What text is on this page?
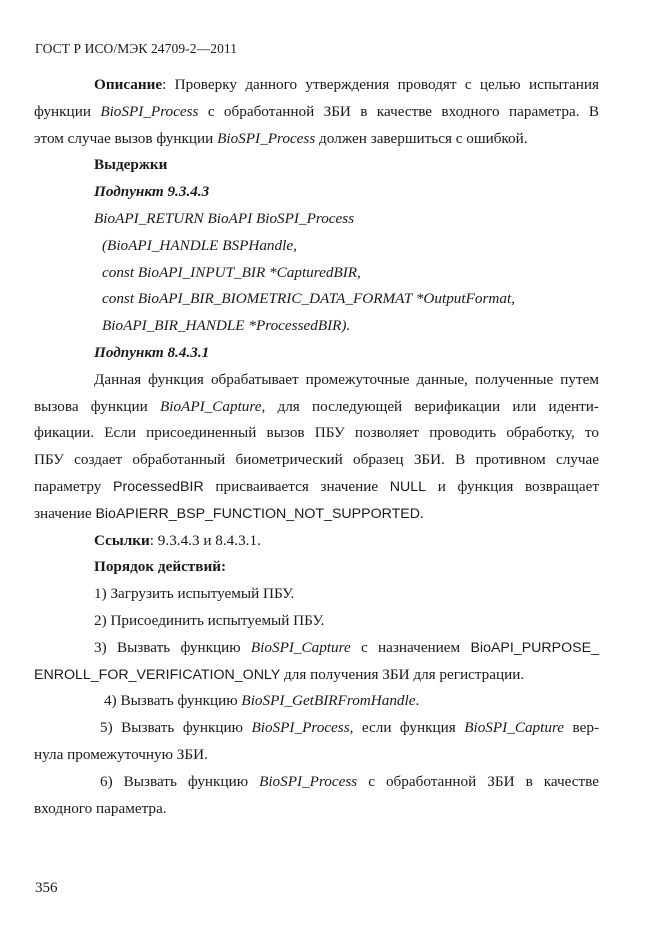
ГОСТ Р ИСО/МЭК 24709-2—2011

Описание: Проверку данного утверждения проводят с целью испытания

функции BioSPI_Process с обработанной ЗБИ в качестве входного параметра. В

этом случае вызов функции BioSPI_Process должен завершиться с ошибкой.

Выдержки

Подпункт 9.3.4.3

BioAPI_RETURN BioAPI BioSPI_Process

(BioAPI_HANDLE BSPHandle,

const BioAPI_INPUT_BIR *CapturedBIR,

const BioAPI_BIR_BIOMETRIC_DATA_FORMAT *OutputFormat,

BioAPI_BIR_HANDLE *ProcessedBIR).

Подпункт 8.4.3.1

Данная функция обрабатывает промежуточные данные, полученные путем

вызова функции BioAPI_Capture, для последующей верификации или иденти-

фикации. Если присоединенный вызов ПБУ позволяет проводить обработку, то

ПБУ создает обработанный биометрический образец ЗБИ. В противном случае

параметру ProcessedBIR присваивается значение NULL и функция возвращает

значение BioAPIERR_BSP_FUNCTION_NOT_SUPPORTED.

Ссылки: 9.3.4.3 и 8.4.3.1.

Порядок действий:

1) Загрузить испытуемый ПБУ.

2) Присоединить испытуемый ПБУ.

3) Вызвать функцию BioSPI_Capture с назначением BioAPI_PURPOSE_

ENROLL_FOR_VERIFICATION_ONLY для получения ЗБИ для регистрации.

4) Вызвать функцию BioSPI_GetBIRFromHandle.

5) Вызвать функцию BioSPI_Process, если функция BioSPI_Capture вер-

нула промежуточную ЗБИ.

6) Вызвать функцию BioSPI_Process с обработанной ЗБИ в качестве

входного параметра.

356
